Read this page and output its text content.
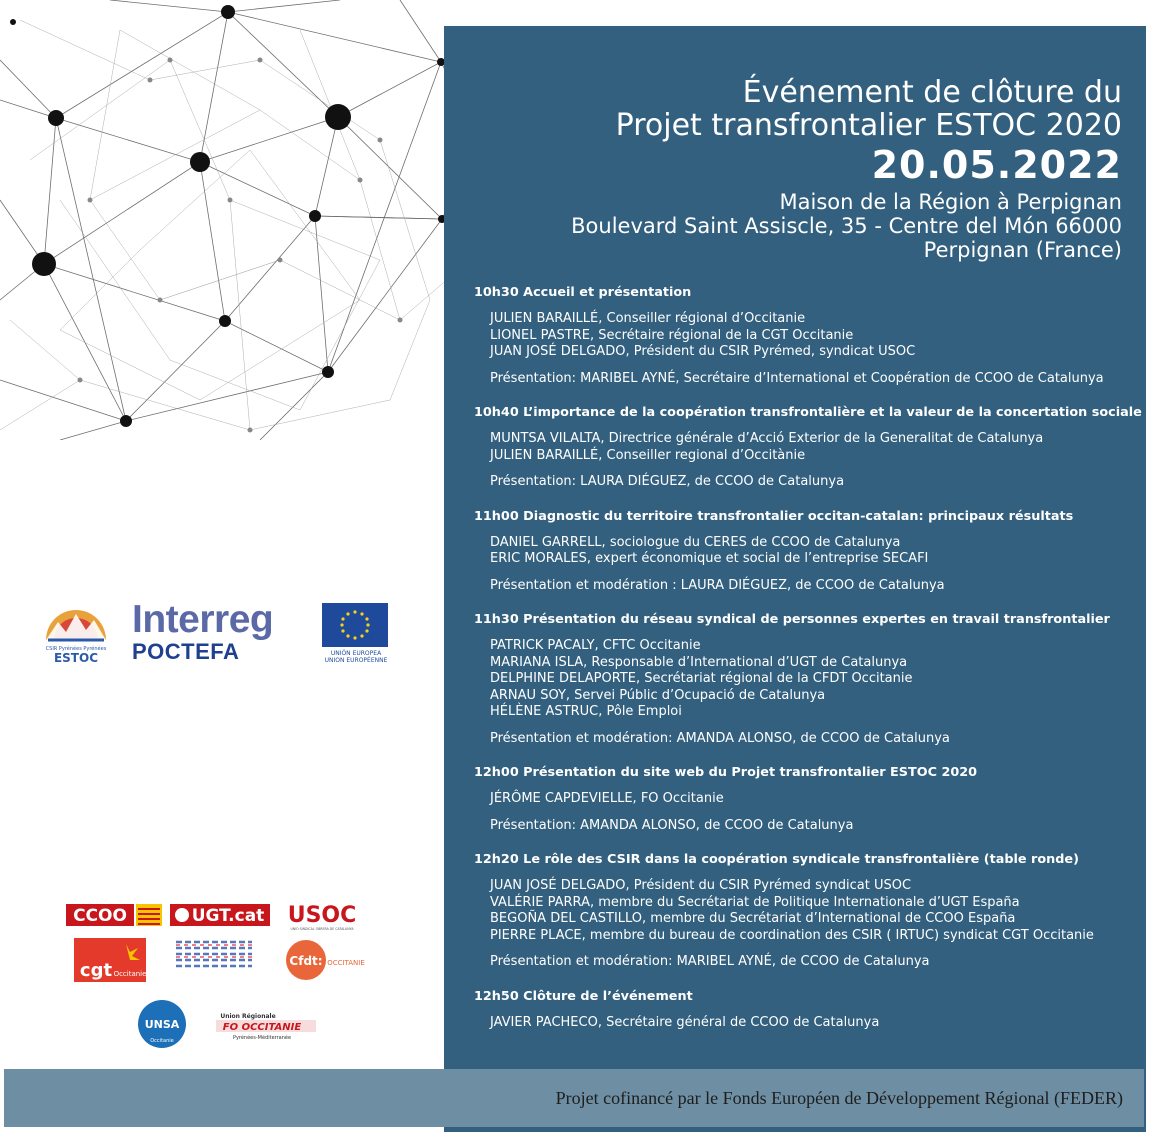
Événement de clôture du
Projet transfrontalier ESTOC 2020
20.05.2022
Maison de la Région à Perpignan
Boulevard Saint Assiscle, 35 - Centre del Món 66000
Perpignan (France)
10h30 Accueil et présentation
JULIEN BARAILLÉ, Conseiller régional d’Occitanie
LIONEL PASTRE, Secrétaire régional de la CGT Occitanie
JUAN JOSÉ DELGADO, Président du CSIR Pyrémed, syndicat USOC
Présentation: MARIBEL AYNÉ, Secrétaire d’International et Coopération de CCOO de Catalunya
10h40 L’importance de la coopération transfrontalière et la valeur de la concertation sociale
MUNTSA VILALTA, Directrice générale d’Acció Exterior de la Generalitat de Catalunya
JULIEN BARAILLÉ, Conseiller regional d’Occitànie
Présentation: LAURA DIÉGUEZ, de CCOO de Catalunya
11h00 Diagnostic du territoire transfrontalier occitan-catalan: principaux résultats
DANIEL GARRELL, sociologue du CERES de CCOO de Catalunya
ERIC MORALES, expert économique et social de l’entreprise SECAFI
Présentation et modération : LAURA DIÉGUEZ, de CCOO de Catalunya
11h30 Présentation du réseau syndical de personnes expertes en travail transfrontalier
PATRICK PACALY, CFTC Occitanie
MARIANA ISLA, Responsable d’International d’UGT de Catalunya
DELPHINE DELAPORTE, Secrétariat régional de la CFDT Occitanie
ARNAU SOY, Servei Públic d’Ocupació de Catalunya
HÉLÈNE ASTRUC, Pôle Emploi
Présentation et modération: AMANDA ALONSO, de CCOO de Catalunya
12h00 Présentation du site web du Projet transfrontalier ESTOC 2020
JÉRÔME CAPDEVIELLE, FO Occitanie
Présentation: AMANDA ALONSO, de CCOO de Catalunya
12h20 Le rôle des CSIR dans la coopération syndicale transfrontalière (table ronde)
JUAN JOSÉ DELGADO, Président du CSIR Pyrémed syndicat USOC
VALÉRIE PARRA, membre du Secrétariat de Politique Internationale d’UGT España
BEGOÑA DEL CASTILLO, membre du Secrétariat d’International de CCOO España
PIERRE PLACE, membre du bureau de coordination des CSIR ( IRTUC) syndicat CGT Occitanie
Présentation et modération: MARIBEL AYNÉ, de CCOO de Catalunya
12h50 Clôture de l’événement
JAVIER PACHECO, Secrétaire général de CCOO de Catalunya
CSIR Pyrénées Pyrénées
ESTOC
Interreg
POCTEFA	UNIÓN EUROPEA
UNION EUROPÉENNE
CCOO	UGT.cat USOC
UNIÓ SINDICAL OBRERA DE CATALUNYA
cgt Occitanie
Cfdt: OCCITANIE
UNSA
Occitanie
Union Régionale
FO OCCITANIE
Pyrénées-Méditerranée
Projet cofinancé par le Fonds Européen de Développement Régional (FEDER)
